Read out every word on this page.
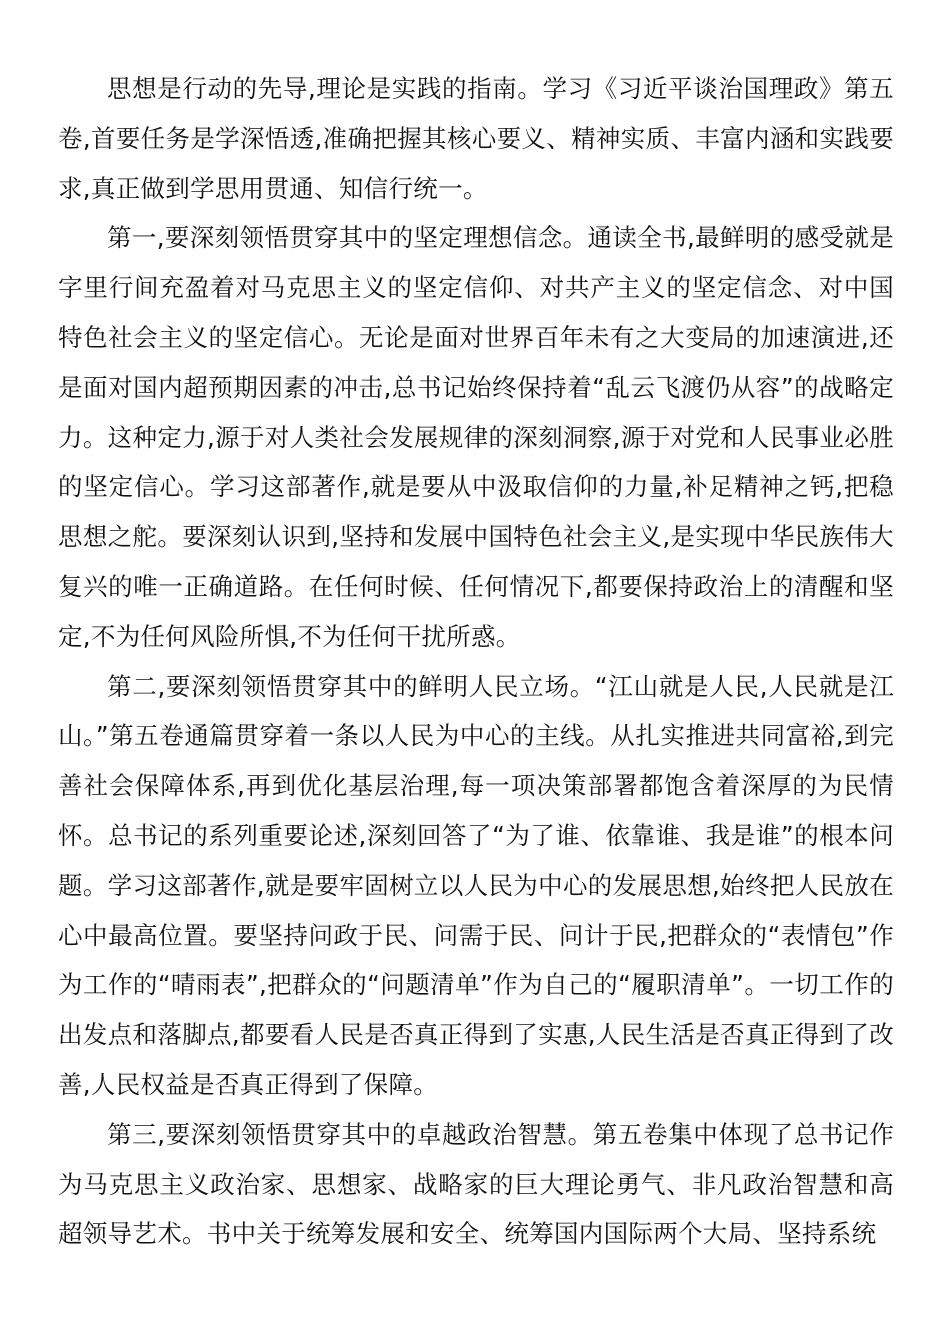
思想是行动的先导,理论是实践的指南。学习《习近平谈治国理政》第五卷,首要任务是学深悟透,准确把握其核心要义、精神实质、丰富内涵和实践要求,真正做到学思用贯通、知信行统一。

第一,要深刻领悟贯穿其中的坚定理想信念。通读全书,最鲜明的感受就是字里行间充盈着对马克思主义的坚定信仰、对共产主义的坚定信念、对中国特色社会主义的坚定信心。无论是面对世界百年未有之大变局的加速演进,还是面对国内超预期因素的冲击,总书记始终保持着“乱云飞渡仍从容”的战略定力。这种定力,源于对人类社会发展规律的深刻洞察,源于对党和人民事业必胜的坚定信心。学习这部著作,就是要从中汲取信仰的力量,补足精神之钙,把稳思想之舵。要深刻认识到,坚持和发展中国特色社会主义,是实现中华民族伟大复兴的唯一正确道路。在任何时候、任何情况下,都要保持政治上的清醒和坚定,不为任何风险所惧,不为任何干扰所惑。

第二,要深刻领悟贯穿其中的鲜明人民立场。“江山就是人民,人民就是江山。”第五卷通篇贯穿着一条以人民为中心的主线。从扎实推进共同富裕,到完善社会保障体系,再到优化基层治理,每一项决策部署都饱含着深厚的为民情怀。总书记的系列重要论述,深刻回答了“为了谁、依靠谁、我是谁”的根本问题。学习这部著作,就是要牢固树立以人民为中心的发展思想,始终把人民放在心中最高位置。要坚持问政于民、问需于民、问计于民,把群众的“表情包”作为工作的“晴雨表”,把群众的“问题清单”作为自己的“履职清单”。一切工作的出发点和落脚点,都要看人民是否真正得到了实惠,人民生活是否真正得到了改善,人民权益是否真正得到了保障。

第三,要深刻领悟贯穿其中的卓越政治智慧。第五卷集中体现了总书记作为马克思主义政治家、思想家、战略家的巨大理论勇气、非凡政治智慧和高超领导艺术。书中关于统筹发展和安全、统筹国内国际两个大局、坚持系统
